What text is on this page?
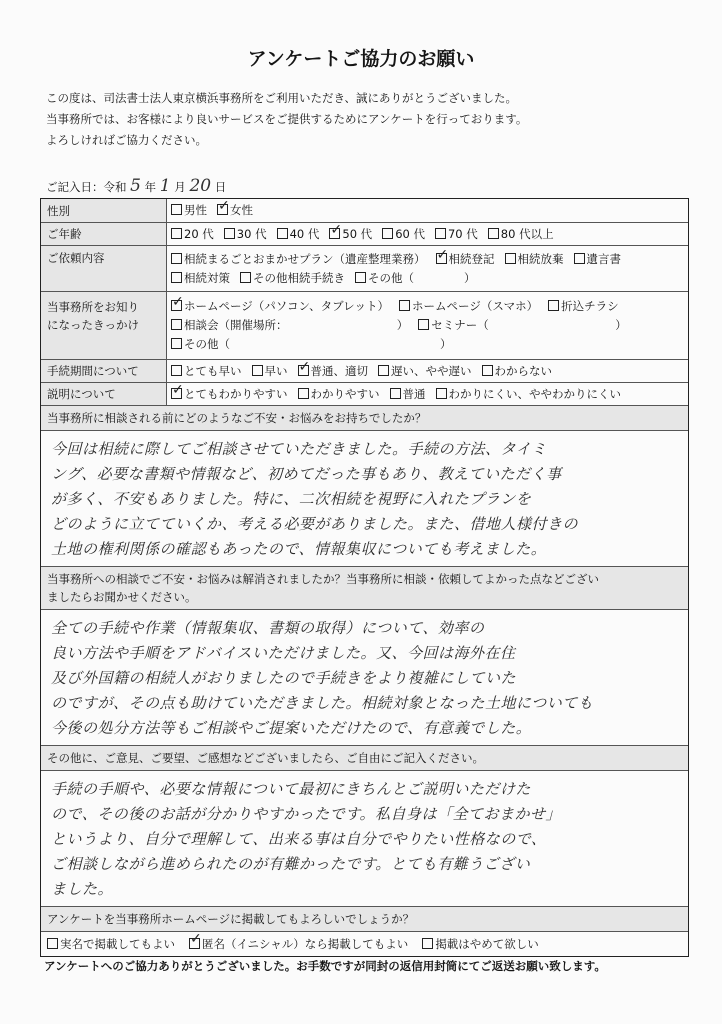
アンケートご協力のお願い
この度は、司法書士法人東京横浜事務所をご利用いただき、誠にありがとうございました。
当事務所では、お客様により良いサービスをご提供するためにアンケートを行っております。
よろしければご協力ください。
ご記入日：令和 5 年 1 月 20 日
性別	男性 ✓	女性
ご年齢	20 代	30 代	40 代 ✓	50 代	60 代	70 代	80 代以上
ご依頼内容	相続まるごとおまかせプラン（遺産整理業務） ✓	相続登記	相続放棄	遺言書
相続対策	その他相続手続き	その他（	）
当事務所をお知り
になったきっかけ
✓ホームページ（パソコン、タブレット）	ホームページ（スマホ）	折込チラシ
相談会（開催場所：　　　　　　　　　　）	セミナー（　　　　　　　　　　　）
その他（	）
手続期間について	とても早い	早い ✓	普通、適切	遅い、やや遅い	わからない
説明について ✓	とてもわかりやすい	わかりやすい	普通	わかりにくい、ややわかりにくい
当事務所に相談される前にどのようなご不安・お悩みをお持ちでしたか？
今回は相続に際してご相談させていただきました。手続の方法、タイミ
ング、必要な書類や情報など、初めてだった事もあり、教えていただく事
が多く、不安もありました。特に、二次相続を視野に入れたプランを
どのように立てていくか、考える必要がありました。また、借地人様付きの
土地の権利関係の確認もあったので、情報集収についても考えました。
当事務所への相談でご不安・お悩みは解消されましたか？当事務所に相談・依頼してよかった点などござい
ましたらお聞かせください。
全ての手続や作業（情報集収、書類の取得）について、効率の
良い方法や手順をアドバイスいただけました。又、今回は海外在住
及び外国籍の相続人がおりましたので手続きをより複雑にしていた
のですが、その点も助けていただきました。相続対象となった土地についても
今後の処分方法等もご相談やご提案いただけたので、有意義でした。
その他に、ご意見、ご要望、ご感想などございましたら、ご自由にご記入ください。
手続の手順や、必要な情報について最初にきちんとご説明いただけた
ので、その後のお話が分かりやすかったです。私自身は「全ておまかせ」
というより、自分で理解して、出来る事は自分でやりたい性格なので、
ご相談しながら進められたのが有難かったです。とても有難うござい
ました。
アンケートを当事務所ホームページに掲載してもよろしいでしょうか？
実名で掲載してもよい ✓	匿名（イニシャル）なら掲載してもよい	掲載はやめて欲しい
アンケートへのご協力ありがとうございました。お手数ですが同封の返信用封筒にてご返送お願い致します。
